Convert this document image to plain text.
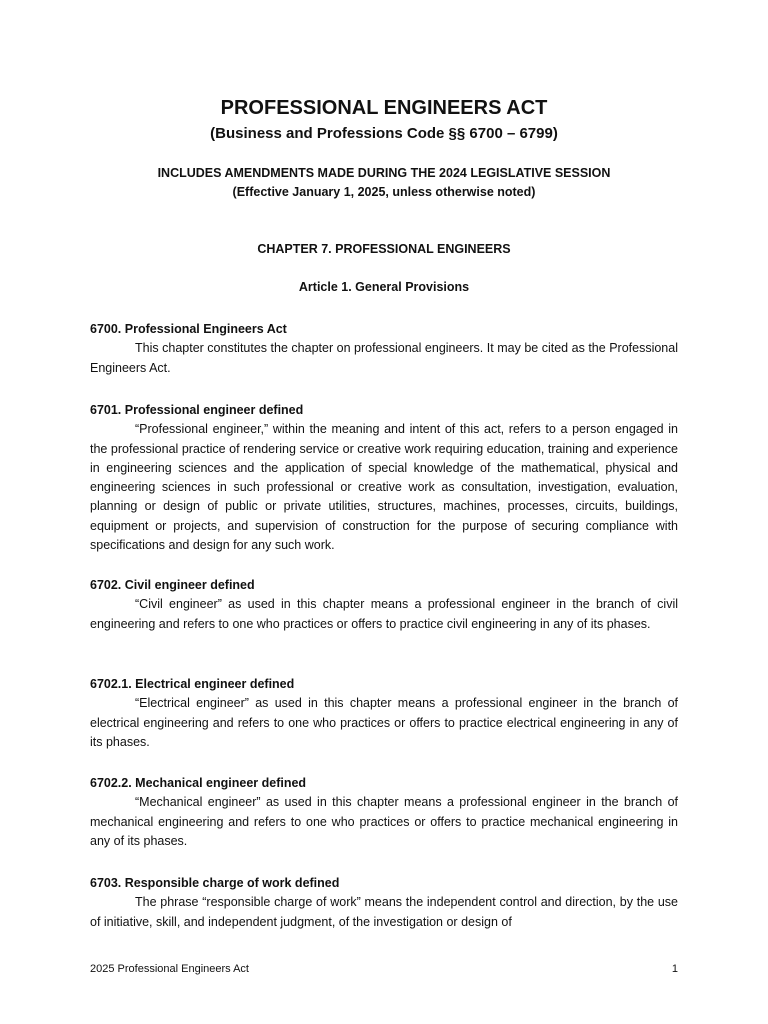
PROFESSIONAL ENGINEERS ACT
(Business and Professions Code §§ 6700 – 6799)
INCLUDES AMENDMENTS MADE DURING THE 2024 LEGISLATIVE SESSION
(Effective January 1, 2025, unless otherwise noted)
CHAPTER 7. PROFESSIONAL ENGINEERS
Article 1. General Provisions
6700. Professional Engineers Act
This chapter constitutes the chapter on professional engineers. It may be cited as the Professional Engineers Act.
6701. Professional engineer defined
“Professional engineer,” within the meaning and intent of this act, refers to a person engaged in the professional practice of rendering service or creative work requiring education, training and experience in engineering sciences and the application of special knowledge of the mathematical, physical and engineering sciences in such professional or creative work as consultation, investigation, evaluation, planning or design of public or private utilities, structures, machines, processes, circuits, buildings, equipment or projects, and supervision of construction for the purpose of securing compliance with specifications and design for any such work.
6702. Civil engineer defined
“Civil engineer” as used in this chapter means a professional engineer in the branch of civil engineering and refers to one who practices or offers to practice civil engineering in any of its phases.
6702.1. Electrical engineer defined
“Electrical engineer” as used in this chapter means a professional engineer in the branch of electrical engineering and refers to one who practices or offers to practice electrical engineering in any of its phases.
6702.2. Mechanical engineer defined
“Mechanical engineer” as used in this chapter means a professional engineer in the branch of mechanical engineering and refers to one who practices or offers to practice mechanical engineering in any of its phases.
6703. Responsible charge of work defined
The phrase “responsible charge of work” means the independent control and direction, by the use of initiative, skill, and independent judgment, of the investigation or design of
2025 Professional Engineers Act	1
